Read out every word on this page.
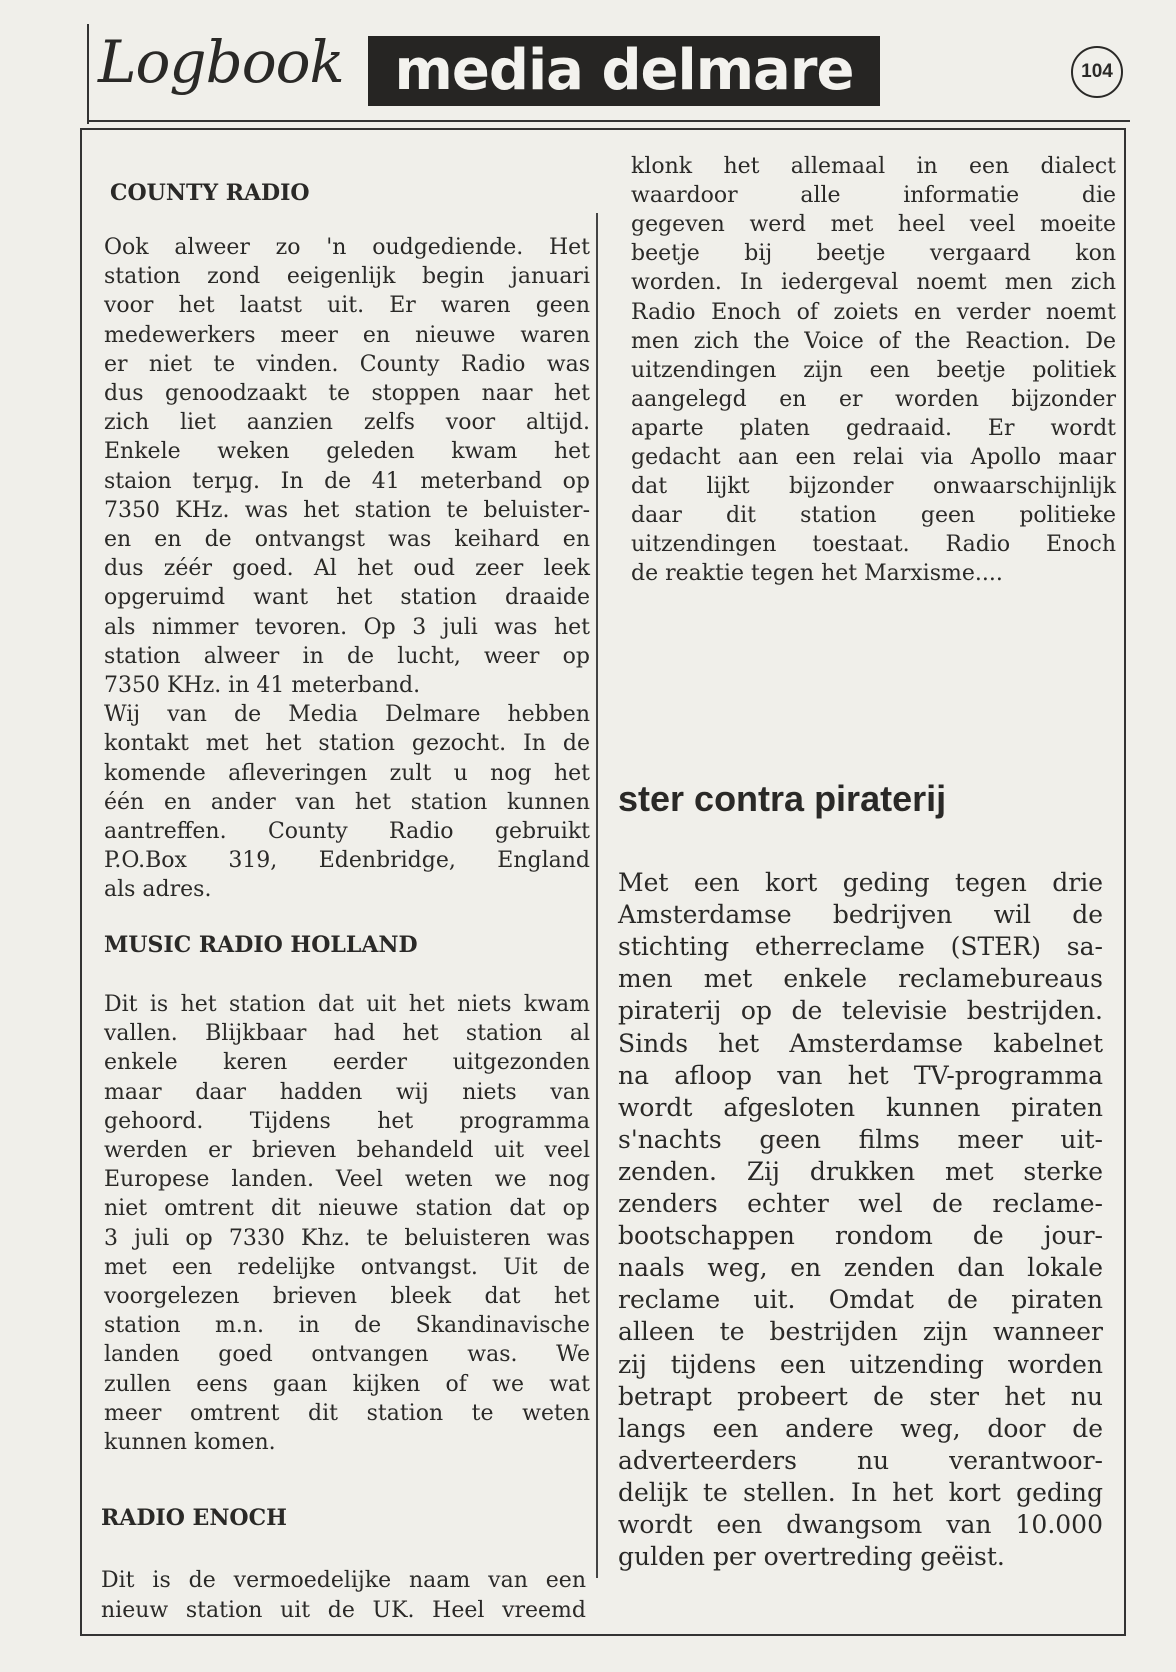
Logbook media delmare	104
COUNTY RADIO
MUSIC RADIO HOLLAND
RADIO ENOCH
ster contra piraterij
Ook alweer zo 'n oudgediende. Het
station zond eeigenlijk begin januari
voor het laatst uit. Er waren geen
medewerkers meer en nieuwe waren
er niet te vinden. County Radio was
dus genoodzaakt te stoppen naar het
zich liet aanzien zelfs voor altijd.
Enkele weken geleden kwam het
staion terµg. In de 41 meterband op
7350 KHz. was het station te beluister-
en en de ontvangst was keihard en
dus zéér goed. Al het oud zeer leek
opgeruimd want het station draaide
als nimmer tevoren. Op 3 juli was het
station alweer in de lucht, weer op
7350 KHz. in 41 meterband.
Wij van de Media Delmare hebben
kontakt met het station gezocht. In de
komende afleveringen zult u nog het
één en ander van het station kunnen
aantreffen. County Radio gebruikt
P.O.Box 319, Edenbridge, England
als adres.
Dit is het station dat uit het niets kwam
vallen. Blijkbaar had het station al
enkele keren eerder uitgezonden
maar daar hadden wij niets van
gehoord. Tijdens het programma
werden er brieven behandeld uit veel
Europese landen. Veel weten we nog
niet omtrent dit nieuwe station dat op
3 juli op 7330 Khz. te beluisteren was
met een redelijke ontvangst. Uit de
voorgelezen brieven bleek dat het
station m.n. in de Skandinavische
landen goed ontvangen was. We
zullen eens gaan kijken of we wat
meer omtrent dit station te weten
kunnen komen.
Dit is de vermoedelijke naam van een
nieuw station uit de UK. Heel vreemd
klonk het allemaal in een dialect
waardoor alle informatie die
gegeven werd met heel veel moeite
beetje bij beetje vergaard kon
worden. In iedergeval noemt men zich
Radio Enoch of zoiets en verder noemt
men zich the Voice of the Reaction. De
uitzendingen zijn een beetje politiek
aangelegd en er worden bijzonder
aparte platen gedraaid. Er wordt
gedacht aan een relai via Apollo maar
dat lijkt bijzonder onwaarschijnlijk
daar dit station geen politieke
uitzendingen toestaat. Radio Enoch
de reaktie tegen het Marxisme....
Met een kort geding tegen drie
Amsterdamse bedrijven wil de
stichting etherreclame (STER) sa-
men met enkele reclamebureaus
piraterij op de televisie bestrijden.
Sinds het Amsterdamse kabelnet
na afloop van het TV-programma
wordt afgesloten kunnen piraten
s'nachts geen films meer uit-
zenden. Zij drukken met sterke
zenders echter wel de reclame-
bootschappen rondom de jour-
naals weg, en zenden dan lokale
reclame uit. Omdat de piraten
alleen te bestrijden zijn wanneer
zij tijdens een uitzending worden
betrapt probeert de ster het nu
langs een andere weg, door de
adverteerders nu verantwoor-
delijk te stellen. In het kort geding
wordt een dwangsom van 10.000
gulden per overtreding geëist.
